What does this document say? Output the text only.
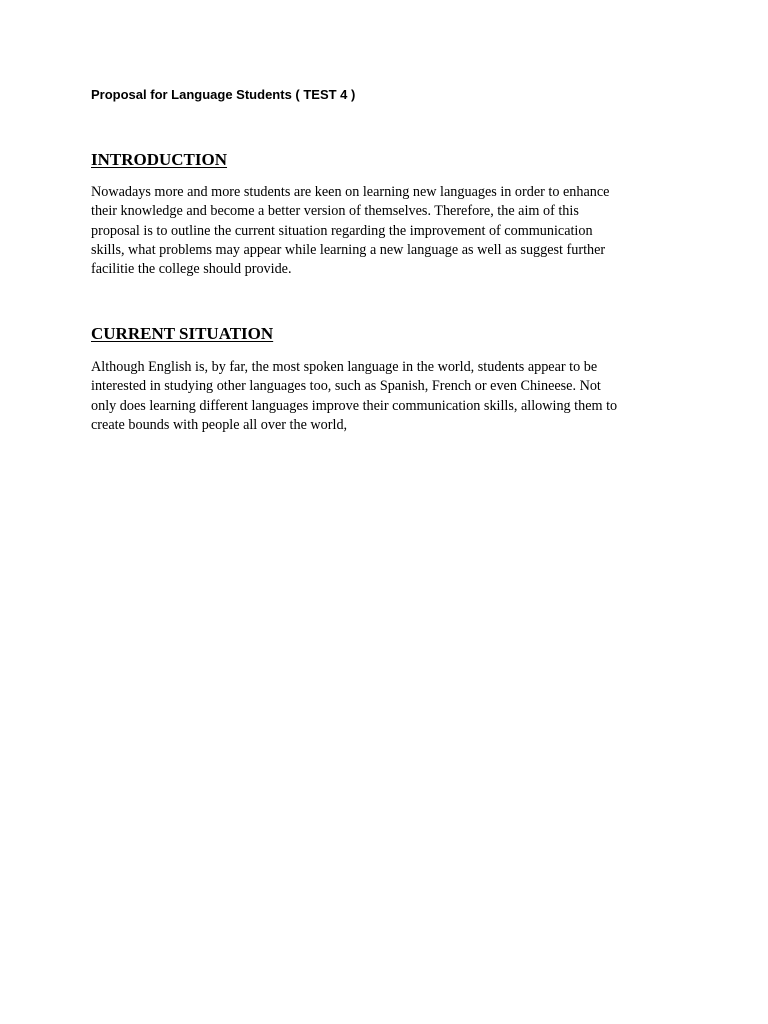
Proposal for Language Students ( TEST 4 )

INTRODUCTION

Nowadays more and more students are keen on learning new languages in order to enhance
their knowledge and become a better version of themselves. Therefore, the aim of this
proposal is to outline the current situation regarding the improvement of communication
skills, what problems may appear while learning a new language as well as suggest further
facilitie the college should provide.

CURRENT SITUATION

Although English is, by far, the most spoken language in the world, students appear to be
interested in studying other languages too, such as Spanish, French or even Chineese. Not
only does learning different languages improve their communication skills, allowing them to
create bounds with people all over the world,
